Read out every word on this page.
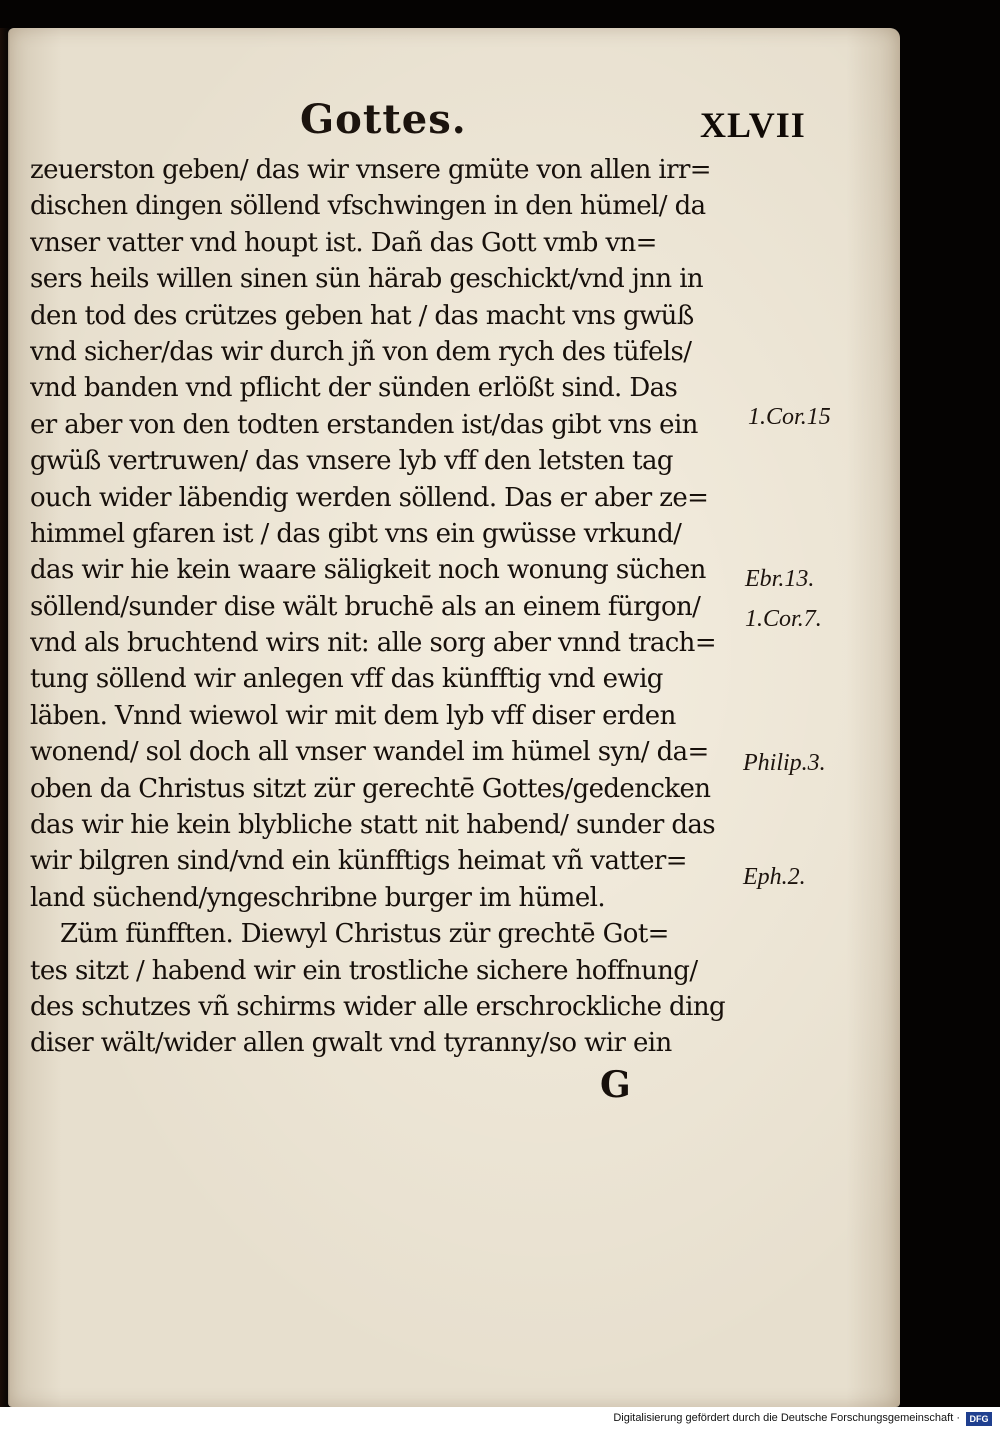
Gottes.	XLVII
zeuerston geben/ das wir vnsere gmüte von allen irr=
dischen dingen söllend vfschwingen in den hümel/ da
vnser vatter vnd houpt ist. Dañ das Gott vmb vn=
sers heils willen sinen sün härab geschickt/vnd jnn in
den tod des crützes geben hat / das macht vns gwüß
vnd sicher/das wir durch jñ von dem rych des tüfels/
vnd banden vnd pflicht der sünden erlößt sind. Das
er aber von den todten erstanden ist/das gibt vns ein
gwüß vertruwen/ das vnsere lyb vff den letsten tag
ouch wider läbendig werden söllend. Das er aber ze=
himmel gfaren ist / das gibt vns ein gwüsse vrkund/
das wir hie kein waare säligkeit noch wonung süchen
söllend/sunder dise wält bruchē als an einem fürgon/
vnd als bruchtend wirs nit: alle sorg aber vnnd trach=
tung söllend wir anlegen vff das künfftig vnd ewig
läben. Vnnd wiewol wir mit dem lyb vff diser erden
wonend/ sol doch all vnser wandel im hümel syn/ da=
oben da Christus sitzt zür gerechtē Gottes/gedencken
das wir hie kein blybliche statt nit habend/ sunder das
wir bilgren sind/vnd ein künfftigs heimat vñ vatter=
land süchend/yngeschribne burger im hümel.
Züm fünfften. Diewyl Christus zür grechtē Got=
tes sitzt / habend wir ein trostliche sichere hoffnung/
des schutzes vñ schirms wider alle erschrockliche ding
diser wält/wider allen gwalt vnd tyranny/so wir ein
1.Cor.15
Ebr.13.
1.Cor.7.
Philip.3.
Eph.2.
G
Digitalisierung gefördert durch die Deutsche Forschungsgemeinschaft ·	DFG
